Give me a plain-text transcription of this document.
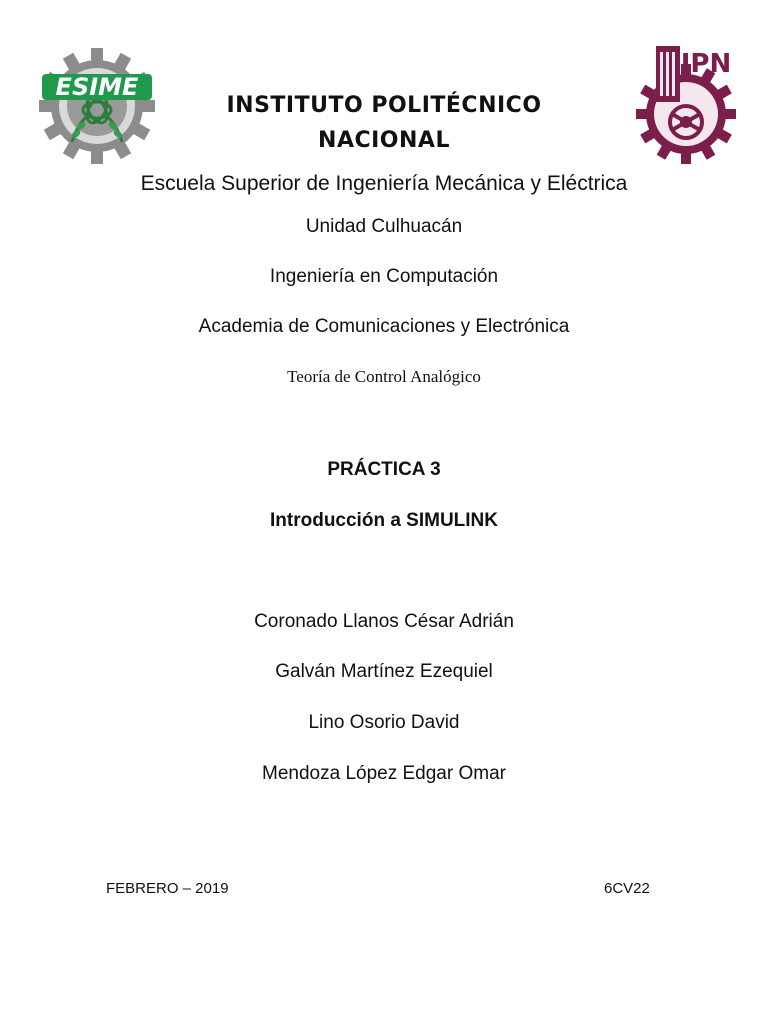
ESIME
IPN
INSTITUTO POLITÉCNICO
NACIONAL
Escuela Superior de Ingeniería Mecánica y Eléctrica
Unidad Culhuacán
Ingeniería en Computación
Academia de Comunicaciones y Electrónica
Teoría de Control Analógico
PRÁCTICA 3
Introducción a SIMULINK
Coronado Llanos César Adrián
Galván Martínez Ezequiel
Lino Osorio David
Mendoza López Edgar Omar
FEBRERO – 2019	6CV22
